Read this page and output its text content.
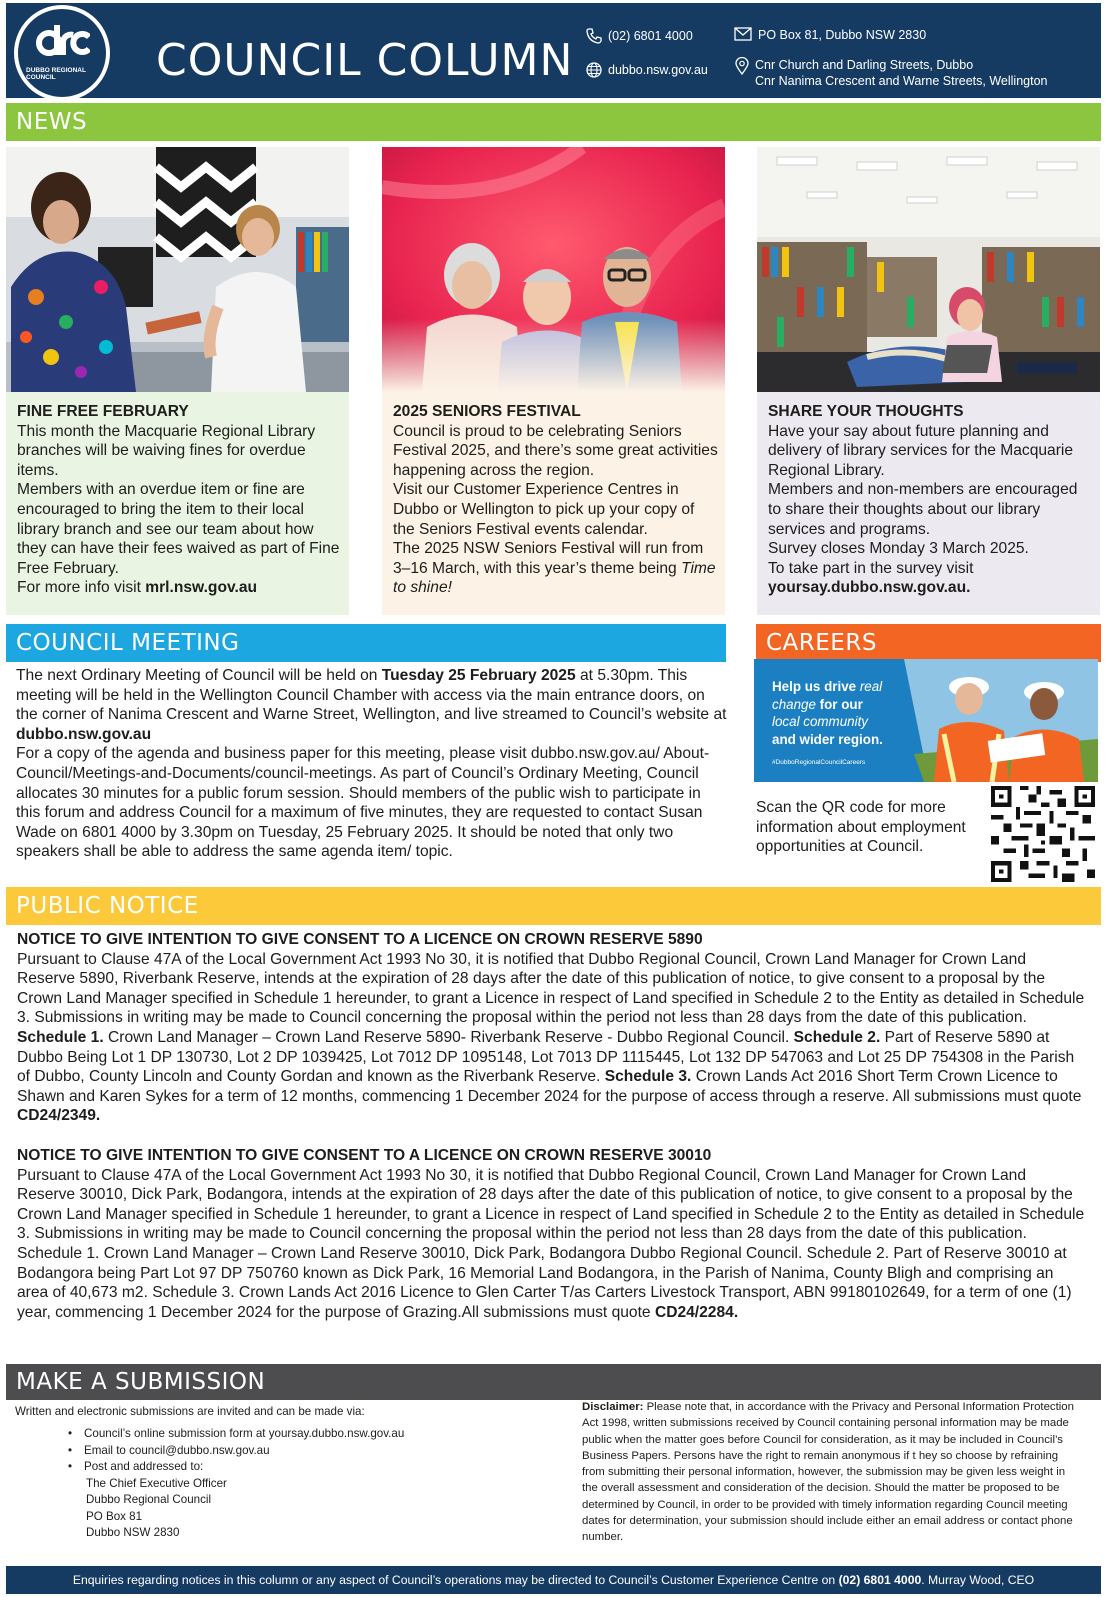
DUBBO REGIONAL COUNCIL	COUNCIL COLUMN	(02) 6801 4000
dubbo.nsw.gov.au
PO Box 81, Dubbo NSW 2830
Cnr Church and Darling Streets, Dubbo
Cnr Nanima Crescent and Warne Streets, Wellington
NEWS
FINE FREE FEBRUARY

This month the Macquarie Regional Library branches will be waiving fines for overdue items.

Members with an overdue item or fine are encouraged to bring the item to their local library branch and see our team about how they can have their fees waived as part of Fine Free February.

For more info visit mrl.nsw.gov.au

2025 SENIORS FESTIVAL

Council is proud to be celebrating Seniors Festival 2025, and there’s some great activities happening across the region.

Visit our Customer Experience Centres in Dubbo or Wellington to pick up your copy of the Seniors Festival events calendar.

The 2025 NSW Seniors Festival will run from 3–16 March, with this year’s theme being Time to shine!

SHARE YOUR THOUGHTS

Have your say about future planning and delivery of library services for the Macquarie Regional Library.

Members and non-members are encouraged to share their thoughts about our library services and programs.

Survey closes Monday 3 March 2025.

To take part in the survey visit yoursay.dubbo.nsw.gov.au.

COUNCIL MEETING

The next Ordinary Meeting of Council will be held on Tuesday 25 February 2025 at 5.30pm. This meeting will be held in the Wellington Council Chamber with access via the main entrance doors, on the corner of Nanima Crescent and Warne Street, Wellington, and live streamed to Council’s website at dubbo.nsw.gov.au

For a copy of the agenda and business paper for this meeting, please visit dubbo.nsw.gov.au/ About-Council/Meetings-and-Documents/council-meetings. As part of Council’s Ordinary Meeting, Council allocates 30 minutes for a public forum session. Should members of the public wish to participate in this forum and address Council for a maximum of five minutes, they are requested to contact Susan Wade on 6801 4000 by 3.30pm on Tuesday, 25 February 2025. It should be noted that only two speakers shall be able to address the same agenda item/ topic.

CAREERS
Help us drive real
change for our
local community
and wider region.
#DubboRegionalCouncilCareers
Scan the QR code for more information about employment opportunities at Council.
PUBLIC NOTICE
NOTICE TO GIVE INTENTION TO GIVE CONSENT TO A LICENCE ON CROWN RESERVE 5890
Pursuant to Clause 47A of the Local Government Act 1993 No 30, it is notified that Dubbo Regional Council, Crown Land Manager for Crown Land Reserve 5890, Riverbank Reserve, intends at the expiration of 28 days after the date of this publication of notice, to give consent to a proposal by the Crown Land Manager specified in Schedule 1 hereunder, to grant a Licence in respect of Land specified in Schedule 2 to the Entity as detailed in Schedule 3. Submissions in writing may be made to Council concerning the proposal within the period not less than 28 days from the date of this publication. Schedule 1. Crown Land Manager – Crown Land Reserve 5890- Riverbank Reserve - Dubbo Regional Council. Schedule 2. Part of Reserve 5890 at Dubbo Being Lot 1 DP 130730, Lot 2 DP 1039425, Lot 7012 DP 1095148, Lot 7013 DP 1115445, Lot 132 DP 547063 and Lot 25 DP 754308 in the Parish of Dubbo, County Lincoln and County Gordan and known as the Riverbank Reserve. Schedule 3. Crown Lands Act 2016 Short Term Crown Licence to Shawn and Karen Sykes for a term of 12 months, commencing 1 December 2024 for the purpose of access through a reserve. All submissions must quote CD24/2349.
NOTICE TO GIVE INTENTION TO GIVE CONSENT TO A LICENCE ON CROWN RESERVE 30010
Pursuant to Clause 47A of the Local Government Act 1993 No 30, it is notified that Dubbo Regional Council, Crown Land Manager for Crown Land Reserve 30010, Dick Park, Bodangora, intends at the expiration of 28 days after the date of this publication of notice, to give consent to a proposal by the Crown Land Manager specified in Schedule 1 hereunder, to grant a Licence in respect of Land specified in Schedule 2 to the Entity as detailed in Schedule 3. Submissions in writing may be made to Council concerning the proposal within the period not less than 28 days from the date of this publication. Schedule 1. Crown Land Manager – Crown Land Reserve 30010, Dick Park, Bodangora Dubbo Regional Council. Schedule 2. Part of Reserve 30010 at Bodangora being Part Lot 97 DP 750760 known as Dick Park, 16 Memorial Land Bodangora, in the Parish of Nanima, County Bligh and comprising an area of 40,673 m2. Schedule 3. Crown Lands Act 2016 Licence to Glen Carter T/as Carters Livestock Transport, ABN 99180102649, for a term of one (1) year, commencing 1 December 2024 for the purpose of Grazing.All submissions must quote CD24/2284.
MAKE A SUBMISSION
Written and electronic submissions are invited and can be made via:
• Council’s online submission form at yoursay.dubbo.nsw.gov.au
• Email to council@dubbo.nsw.gov.au
• Post and addressed to:
The Chief Executive Officer
Dubbo Regional Council
PO Box 81
Dubbo NSW 2830
Disclaimer: Please note that, in accordance with the Privacy and Personal Information Protection Act 1998, written submissions received by Council containing personal information may be made public when the matter goes before Council for consideration, as it may be included in Council’s Business Papers. Persons have the right to remain anonymous if t hey so choose by refraining from submitting their personal information, however, the submission may be given less weight in the overall assessment and consideration of the decision. Should the matter be proposed to be determined by Council, in order to be provided with timely information regarding Council meeting dates for determination, your submission should include either an email address or contact phone number.
Enquiries regarding notices in this column or any aspect of Council’s operations may be directed to Council’s Customer Experience Centre on (02) 6801 4000. Murray Wood, CEO
